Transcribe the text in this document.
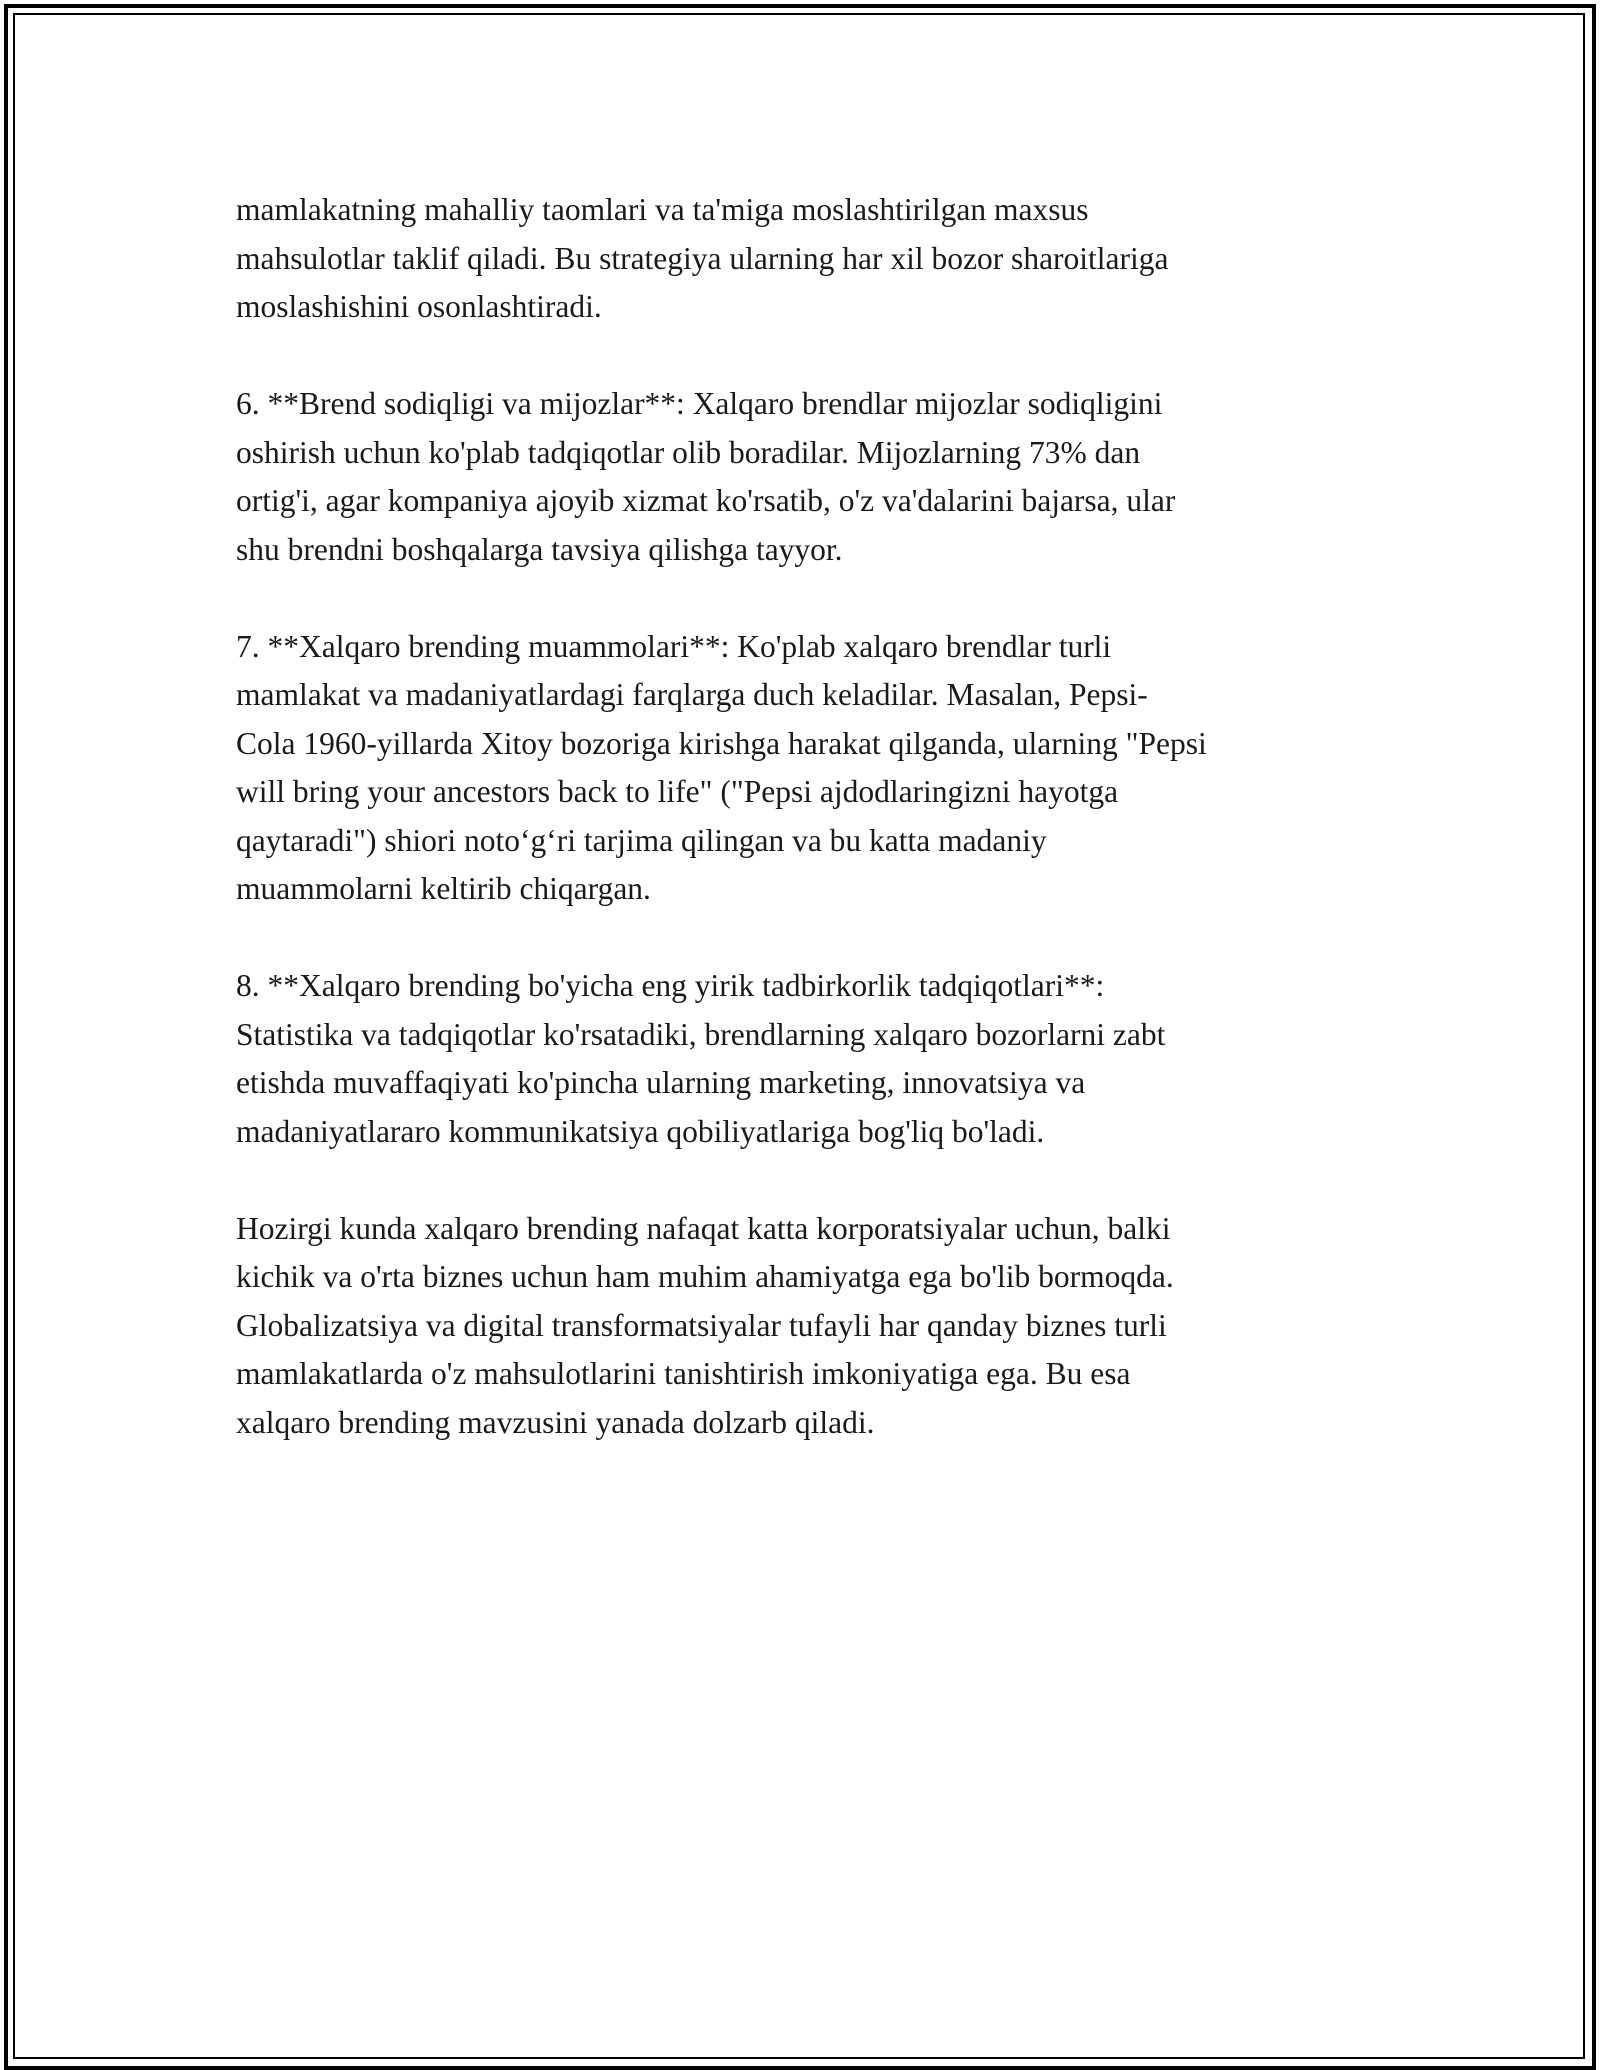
mamlakatning mahalliy taomlari va ta'miga moslashtirilgan maxsus
mahsulotlar taklif qiladi. Bu strategiya ularning har xil bozor sharoitlariga
moslashishini osonlashtiradi.

6. **Brend sodiqligi va mijozlar**: Xalqaro brendlar mijozlar sodiqligini
oshirish uchun ko'plab tadqiqotlar olib boradilar. Mijozlarning 73% dan
ortig'i, agar kompaniya ajoyib xizmat ko'rsatib, o'z va'dalarini bajarsa, ular
shu brendni boshqalarga tavsiya qilishga tayyor.

7. **Xalqaro brending muammolari**: Ko'plab xalqaro brendlar turli
mamlakat va madaniyatlardagi farqlarga duch keladilar. Masalan, Pepsi-
Cola 1960-yillarda Xitoy bozoriga kirishga harakat qilganda, ularning "Pepsi
will bring your ancestors back to life" ("Pepsi ajdodlaringizni hayotga
qaytaradi") shiori noto‘g‘ri tarjima qilingan va bu katta madaniy
muammolarni keltirib chiqargan.

8. **Xalqaro brending bo'yicha eng yirik tadbirkorlik tadqiqotlari**:
Statistika va tadqiqotlar ko'rsatadiki, brendlarning xalqaro bozorlarni zabt
etishda muvaffaqiyati ko'pincha ularning marketing, innovatsiya va
madaniyatlararo kommunikatsiya qobiliyatlariga bog'liq bo'ladi.

Hozirgi kunda xalqaro brending nafaqat katta korporatsiyalar uchun, balki
kichik va o'rta biznes uchun ham muhim ahamiyatga ega bo'lib bormoqda.
Globalizatsiya va digital transformatsiyalar tufayli har qanday biznes turli
mamlakatlarda o'z mahsulotlarini tanishtirish imkoniyatiga ega. Bu esa
xalqaro brending mavzusini yanada dolzarb qiladi.
